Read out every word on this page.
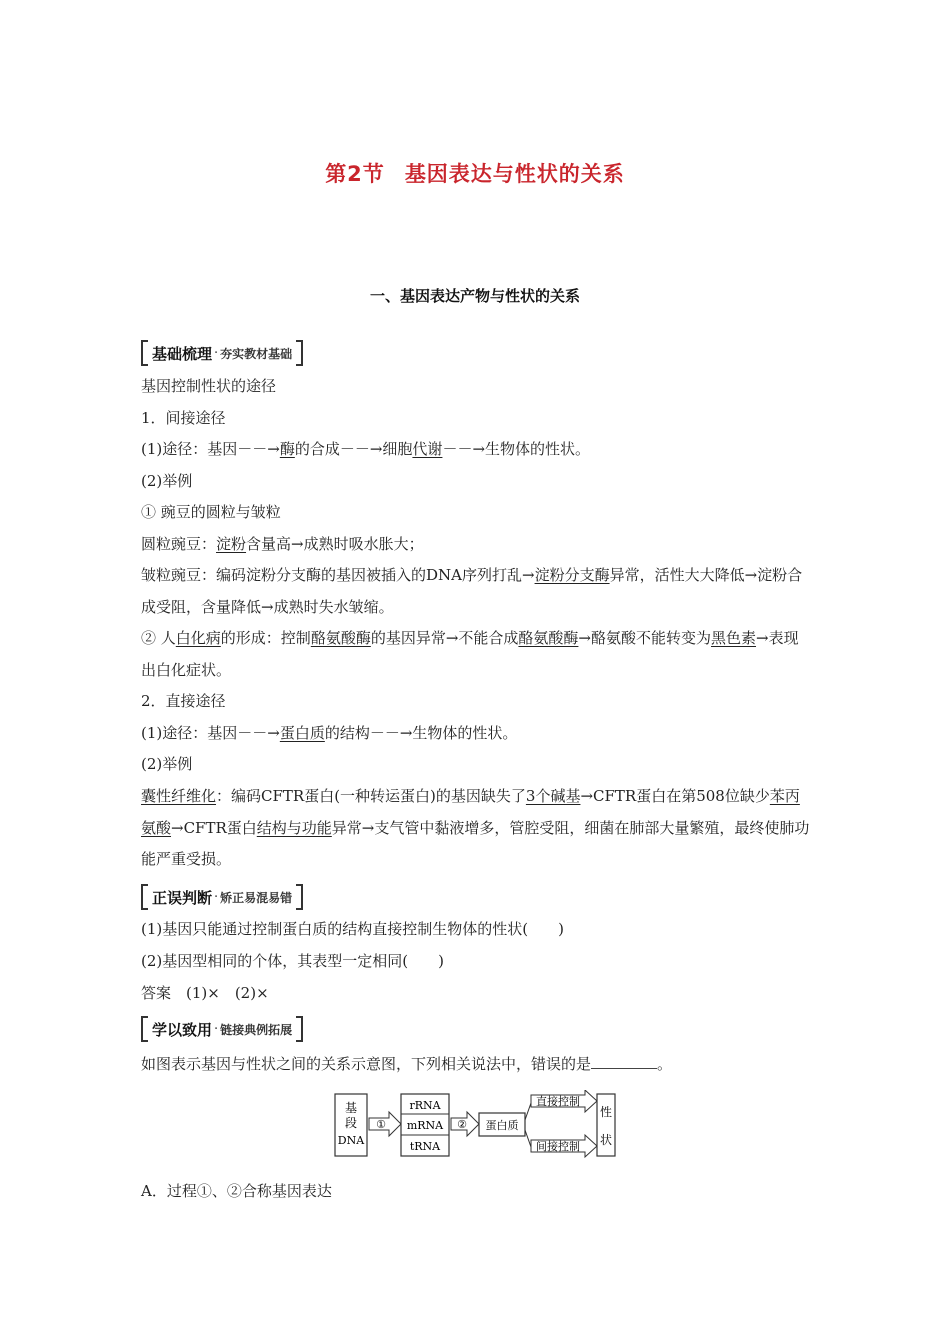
第2节 基因表达与性状的关系
一、基因表达产物与性状的关系
基础梳理 · 夯实教材基础
基因控制性状的途径
1．间接途径
(1)途径：基因－－→酶的合成－－→细胞代谢－－→生物体的性状。
(2)举例
① 豌豆的圆粒与皱粒
圆粒豌豆：淀粉含量高→成熟时吸水胀大；
皱粒豌豆：编码淀粉分支酶的基因被插入的DNA序列打乱→淀粉分支酶异常，活性大大降低→淀粉合成受阻，含量降低→成熟时失水皱缩。
② 人白化病的形成：控制酪氨酸酶的基因异常→不能合成酪氨酸酶→酪氨酸不能转变为黑色素→表现出白化症状。
2．直接途径
(1)途径：基因－－→蛋白质的结构－－→生物体的性状。
(2)举例
囊性纤维化：编码CFTR蛋白(一种转运蛋白)的基因缺失了3个碱基→CFTR蛋白在第508位缺少苯丙氨酸→CFTR蛋白结构与功能异常→支气管中黏液增多，管腔受阻，细菌在肺部大量繁殖，最终使肺功能严重受损。
正误判断 · 矫正易混易错
(1)基因只能通过控制蛋白质的结构直接控制生物体的性状(　　)
(2)基因型相同的个体，其表型一定相同(　　)
答案　(1)×　(2)×
学以致用 · 链接典例拓展
如图表示基因与性状之间的关系示意图，下列相关说法中，错误的是	。
基
段
DNA
①
rRNA
mRNA
tRNA
② 蛋白质
直接控制
间接控制
性
状
A．过程①、②合称基因表达
